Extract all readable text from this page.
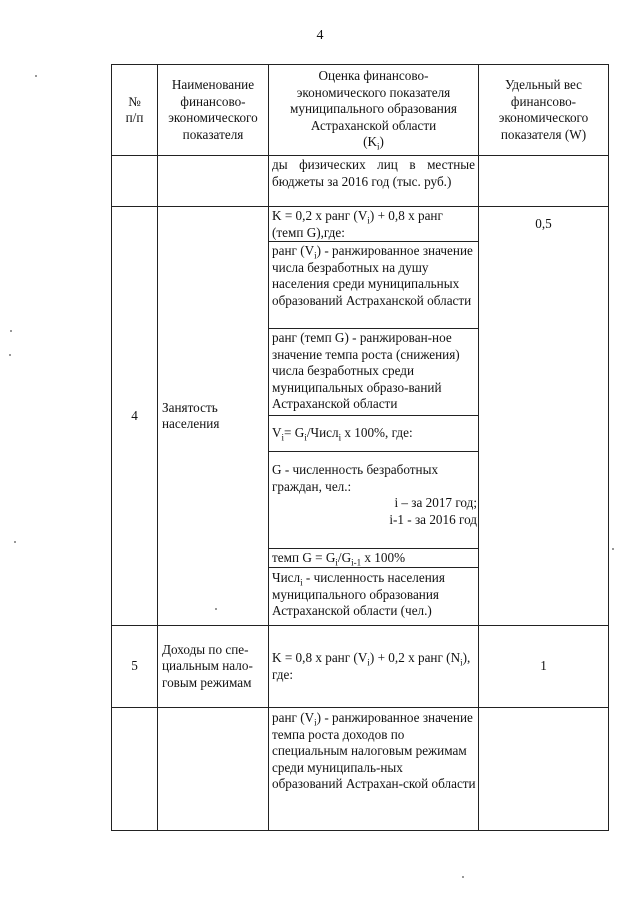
4
№
п/п
Наименование
финансово-
экономического
показателя
Оценка финансово-
экономического показателя
муниципального образования
Астраханской области
$(K_i)$
Удельный вес
финансово-
экономического
показателя (W)
ды физических лиц в местные бюджеты за 2016 год (тыс. руб.)
4
Занятость
населения
0,5
K = 0,2 х ранг $(V_i) + 0,8$ х ранг (темп G),где:
ранг $(V_i)$ - ранжированное значение числа безработных на душу населения среди муниципальных образований Астраханской области
ранг (темп G) - ранжирован-ное значение темпа роста (снижения) числа безработных среди муниципальных образо-ваний Астраханской области
$V_i=$ $G_i/Числ_i$ х 100%, где:
G - численность безработных граждан, чел.:
i – за 2017 год;
i-1 - за 2016 год
темп $G = G_i/G_{i-1}$ х 100%
Числ$_i$ - численность населения муниципального образования Астраханской области (чел.)
5
Доходы по спе-циальным нало-говым режимам
K = 0,8 х ранг $(V_i) + 0,2$ х ранг $(N_i)$, где:
1
ранг $(V_i)$ - ранжированное значение темпа роста доходов по специальным налоговым режимам среди муниципаль-ных образований Астрахан-ской области
